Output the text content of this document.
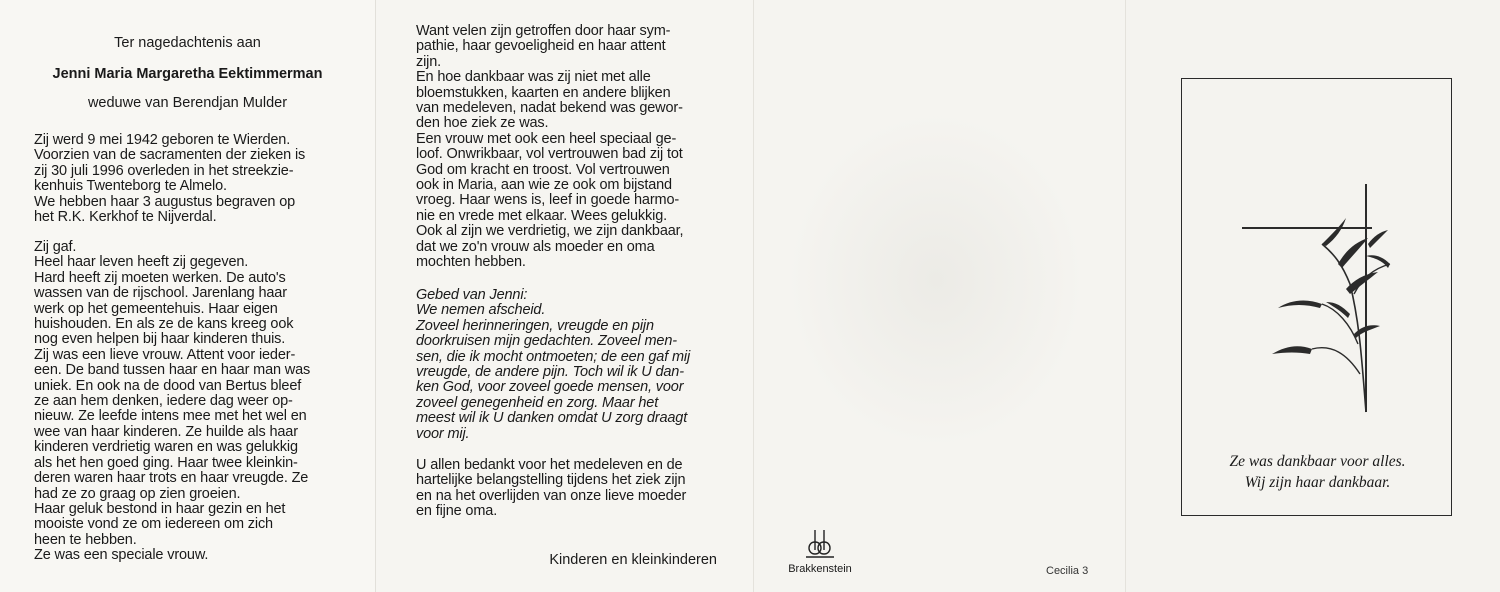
Ter nagedachtenis aan
Jenni Maria Margaretha Eektimmerman
weduwe van Berendjan Mulder

Zij werd 9 mei 1942 geboren te Wierden.

Voorzien van de sacramenten der zieken is

zij 30 juli 1996 overleden in het streekzie-

kenhuis Twenteborg te Almelo.

We hebben haar 3 augustus begraven op

het R.K. Kerkhof te Nijverdal.

Zij gaf.

Heel haar leven heeft zij gegeven.

Hard heeft zij moeten werken. De auto's

wassen van de rijschool. Jarenlang haar

werk op het gemeentehuis. Haar eigen

huishouden. En als ze de kans kreeg ook

nog even helpen bij haar kinderen thuis.

Zij was een lieve vrouw. Attent voor ieder-

een. De band tussen haar en haar man was

uniek. En ook na de dood van Bertus bleef

ze aan hem denken, iedere dag weer op-

nieuw. Ze leefde intens mee met het wel en

wee van haar kinderen. Ze huilde als haar

kinderen verdrietig waren en was gelukkig

als het hen goed ging. Haar twee kleinkin-

deren waren haar trots en haar vreugde. Ze

had ze zo graag op zien groeien.

Haar geluk bestond in haar gezin en het

mooiste vond ze om iedereen om zich

heen te hebben.

Ze was een speciale vrouw.

Want velen zijn getroffen door haar sym-

pathie, haar gevoeligheid en haar attent

zijn.

En hoe dankbaar was zij niet met alle

bloemstukken, kaarten en andere blijken

van medeleven, nadat bekend was gewor-

den hoe ziek ze was.

Een vrouw met ook een heel speciaal ge-

loof. Onwrikbaar, vol vertrouwen bad zij tot

God om kracht en troost. Vol vertrouwen

ook in Maria, aan wie ze ook om bijstand

vroeg. Haar wens is, leef in goede harmo-

nie en vrede met elkaar. Wees gelukkig.

Ook al zijn we verdrietig, we zijn dankbaar,

dat we zo'n vrouw als moeder en oma

mochten hebben.

Gebed van Jenni:

We nemen afscheid.

Zoveel herinneringen, vreugde en pijn

doorkruisen mijn gedachten. Zoveel men-

sen, die ik mocht ontmoeten; de een gaf mij

vreugde, de andere pijn. Toch wil ik U dan-

ken God, voor zoveel goede mensen, voor

zoveel genegenheid en zorg. Maar het

meest wil ik U danken omdat U zorg draagt

voor mij.

U allen bedankt voor het medeleven en de

hartelijke belangstelling tijdens het ziek zijn

en na het overlijden van onze lieve moeder

en fijne oma.

Kinderen en kleinkinderen
Brakkenstein	Cecilia 3
Ze was dankbaar voor alles.
Wij zijn haar dankbaar.
